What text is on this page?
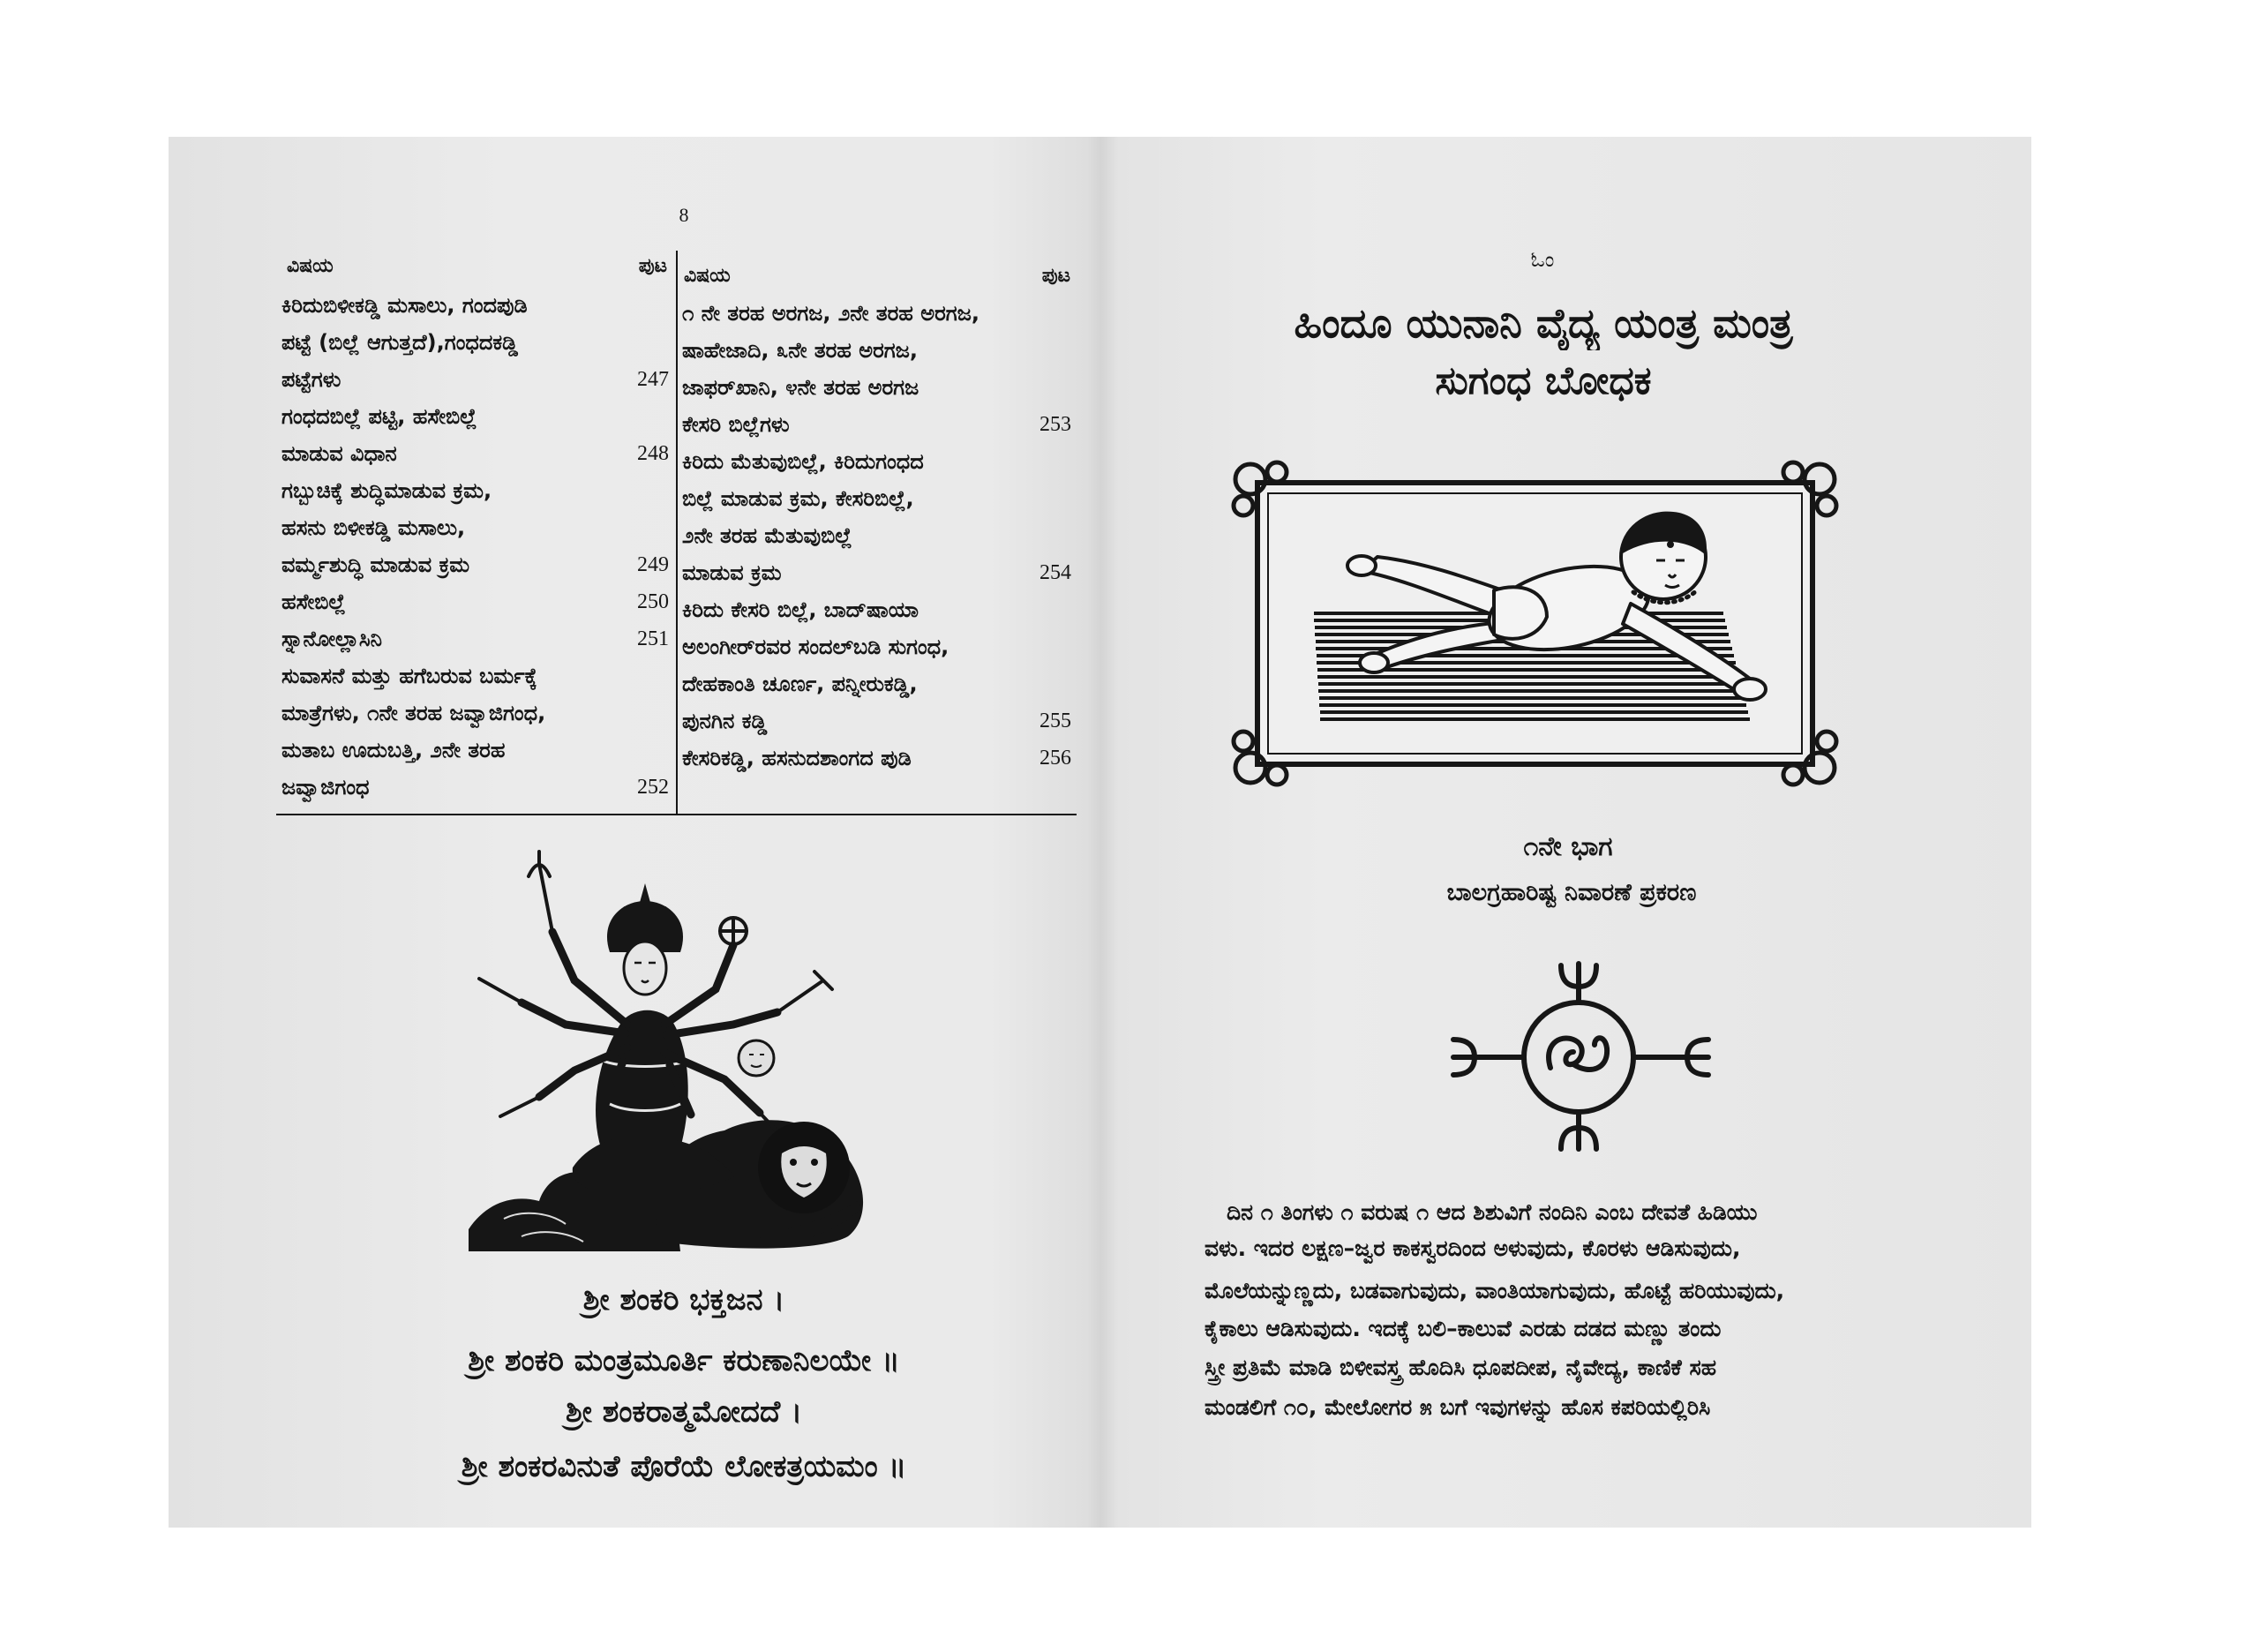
8
ವಿಷಯ	ಪುಟ ವಿಷಯ	ಪುಟ
ಕಿರಿದುಬಿಳೀಕಡ್ಡಿ ಮಸಾಲು, ಗಂದಪುಡಿ
ಪಟ್ಟೆ (ಬಿಲ್ಲೆ ಆಗುತ್ತದೆ),ಗಂಧದಕಡ್ಡಿ
ಪಟ್ಟೆಗಳು	247
ಗಂಧದಬಿಲ್ಲೆ ಪಟ್ಟಿ, ಹಸೇಬಿಲ್ಲೆ
ಮಾಡುವ ವಿಧಾನ	248
ಗಬ್ಬುಚಿಕ್ಕೆ ಶುದ್ಧಿಮಾಡುವ ಕ್ರಮ,
ಹಸನು ಬಿಳೀಕಡ್ಡಿ ಮಸಾಲು,
ವರ್ಮ್ಮಶುದ್ಧಿ ಮಾಡುವ ಕ್ರಮ	249
ಹಸೇಬಿಲ್ಲೆ	250
ಸ್ನಾನೋಲ್ಲಾಸಿನಿ	251
ಸುವಾಸನೆ ಮತ್ತು ಹಗೆಬರುವ ಬರ್ಮಕ್ಕೆ
ಮಾತ್ರೆಗಳು, ೧ನೇ ತರಹ ಜವ್ವಾಜಿಗಂಧ,
ಮತಾಬ ಊದುಬತ್ತಿ, ೨ನೇ ತರಹ
ಜವ್ವಾಜಿಗಂಧ	252
೧ ನೇ ತರಹ ಅರಗಜ, ೨ನೇ ತರಹ ಅರಗಜ,
ಷಾಹೇಜಾದಿ, ೩ನೇ ತರಹ ಅರಗಜ,
ಜಾಫರ್‌ಖಾನಿ, ೪ನೇ ತರಹ ಅರಗಜ
ಕೇಸರಿ ಬಿಲ್ಲೆಗಳು	253
ಕಿರಿದು ಮೆತುವುಬಿಲ್ಲೆ, ಕಿರಿದುಗಂಧದ
ಬಿಲ್ಲೆ ಮಾಡುವ ಕ್ರಮ, ಕೇಸರಿಬಿಲ್ಲೆ,
೨ನೇ ತರಹ ಮೆತುವುಬಿಲ್ಲೆ
ಮಾಡುವ ಕ್ರಮ	254
ಕಿರಿದು ಕೇಸರಿ ಬಿಲ್ಲೆ, ಬಾದ್‌ಷಾಯಾ
ಅಲಂಗೀರ್‌ರವರ ಸಂದಲ್‌ಬಡಿ ಸುಗಂಧ,
ದೇಹಕಾಂತಿ ಚೂರ್ಣ, ಪನ್ನೀರುಕಡ್ಡಿ,
ಪುನಗಿನ ಕಡ್ಡಿ	255
ಕೇಸರಿಕಡ್ಡಿ, ಹಸನುದಶಾಂಗದ ಪುಡಿ	256
ಶ್ರೀ ಶಂಕರಿ ಭಕ್ತಜನ ।
ಶ್ರೀ ಶಂಕರಿ ಮಂತ್ರಮೂರ್ತಿ ಕರುಣಾನಿಲಯೇ ॥
ಶ್ರೀ ಶಂಕರಾತ್ಮಮೋದದೆ ।
ಶ್ರೀ ಶಂಕರವಿನುತೆ ಪೊರೆಯೆ ಲೋಕತ್ರಯಮಂ ॥
ಓಂ
ಹಿಂದೂ ಯುನಾನಿ ವೈದ್ಯ ಯಂತ್ರ ಮಂತ್ರ
ಸುಗಂಧ ಬೋಧಕ
೧ನೇ ಭಾಗ
ಬಾಲಗ್ರಹಾರಿಷ್ಟ ನಿವಾರಣೆ ಪ್ರಕರಣ
ದಿನ ೧ ತಿಂಗಳು ೧ ವರುಷ ೧ ಆದ ಶಿಶುವಿಗೆ ನಂದಿನಿ ಎಂಬ ದೇವತೆ ಹಿಡಿಯು
ವಳು. ಇದರ ಲಕ್ಷಣ–ಜ್ವರ ಕಾಕಸ್ವರದಿಂದ ಅಳುವುದು, ಕೊರಳು ಆಡಿಸುವುದು,
ಮೊಲೆಯನ್ನುಣ್ಣದು, ಬಡವಾಗುವುದು, ವಾಂತಿಯಾಗುವುದು, ಹೊಟ್ಟೆ ಹರಿಯುವುದು,
ಕೈಕಾಲು ಆಡಿಸುವುದು. ಇದಕ್ಕೆ ಬಲಿ–ಕಾಲುವೆ ಎರಡು ದಡದ ಮಣ್ಣು ತಂದು
ಸ್ತ್ರೀ ಪ್ರತಿಮೆ ಮಾಡಿ ಬಿಳೀವಸ್ತ್ರ ಹೊದಿಸಿ ಧೂಪದೀಪ, ನೈವೇದ್ಯ, ಕಾಣಿಕೆ ಸಹ
ಮಂಡಲಿಗೆ ೧೦, ಮೇಲೋಗರ ೫ ಬಗೆ ಇವುಗಳನ್ನು ಹೊಸ ಕಪರಿಯಲ್ಲಿರಿಸಿ
